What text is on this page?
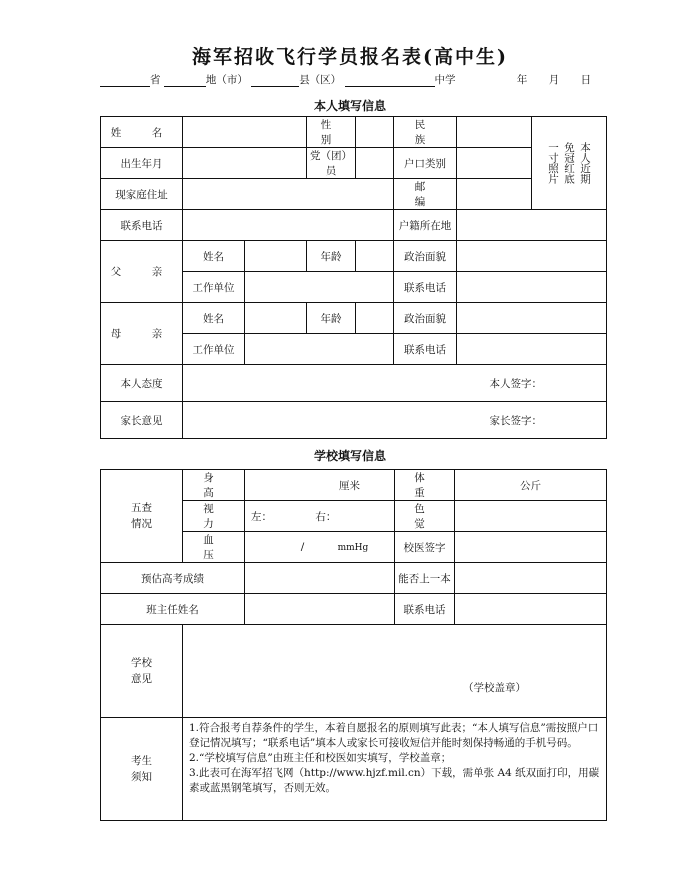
海军招收飞行学员报名表(高中生)
省	地（市）	县（区）	中学	年 月 日
本人填写信息
姓　名			性　别		民　族		本人近期
免冠红底
一寸照片

出生年月			党（团）员		户口类别		
现家庭住址					邮　编		
联系电话					户籍所在地		
父　亲	姓名		年龄		政治面貌		
	工作单位				联系电话		
母　亲	姓名		年龄		政治面貌		
	工作单位				联系电话		
本人态度	本人签字：						
家长意见	家长签字：						
学校填写信息
五查情况	身　高	厘米	体　重	公斤
	视　力	左： 右：	色　觉	
	血　压	/ mmHg	校医签字	
预估高考成绩			能否上一本	
班主任姓名			联系电话	
学校意见	（学校盖章）			
考生须知	1.符合报考自荐条件的学生，本着自愿报名的原则填写此表；“本人填写信息”需按照户口登记情况填写；“联系电话”填本人或家长可接收短信并能时刻保持畅通的手机号码。

2.“学校填写信息”由班主任和校医如实填写，学校盖章；

3.此表可在海军招飞网（http://www.hjzf.mil.cn）下载，需单张 A4 纸双面打印，用碳素或蓝黑钢笔填写，否则无效。			
